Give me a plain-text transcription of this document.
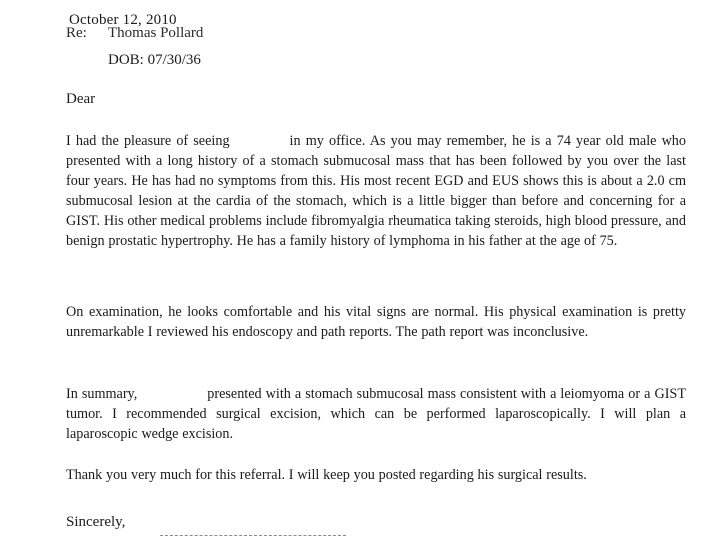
October 12, 2010
Re: Thomas Pollard
DOB: 07/30/36
Dear
I had the pleasure of seeing	in my office. As you may remember, he is a 74 year old male who presented with a long history of a stomach submucosal mass that has been followed by you over the last four years. He has had no symptoms from this. His most recent EGD and EUS shows this is about a 2.0 cm submucosal lesion at the cardia of the stomach, which is a little bigger than before and concerning for a GIST. His other medical problems include fibromyalgia rheumatica taking steroids, high blood pressure, and benign prostatic hypertrophy. He has a family history of lymphoma in his father at the age of 75.
On examination, he looks comfortable and his vital signs are normal. His physical examination is pretty unremarkable I reviewed his endoscopy and path reports. The path report was inconclusive.
In summary,	presented with a stomach submucosal mass consistent with a leiomyoma or a GIST tumor. I recommended surgical excision, which can be performed laparoscopically. I will plan a laparoscopic wedge excision.
Thank you very much for this referral. I will keep you posted regarding his surgical results.
Sincerely,
